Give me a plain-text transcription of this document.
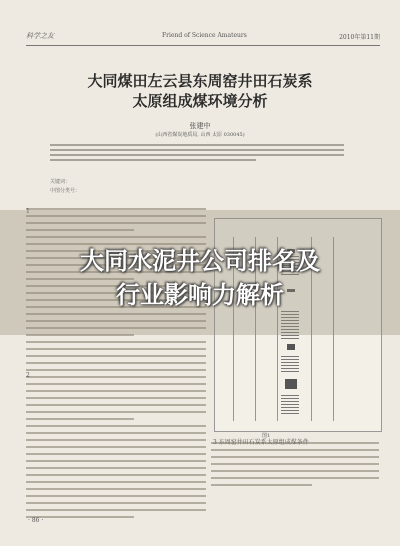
科学之友	Friend of Science Amateurs	2010年第11期
大同煤田左云县东周窑井田石炭系
太原组成煤环境分析
张建中
(山西省煤炭地质局, 山西 太原 030045)
关键词：
中图分类号：
1
2
图1
3 东周窑井田石炭系太原组成煤条件
· 86 ·
大同水泥井公司排名及
行业影响力解析
